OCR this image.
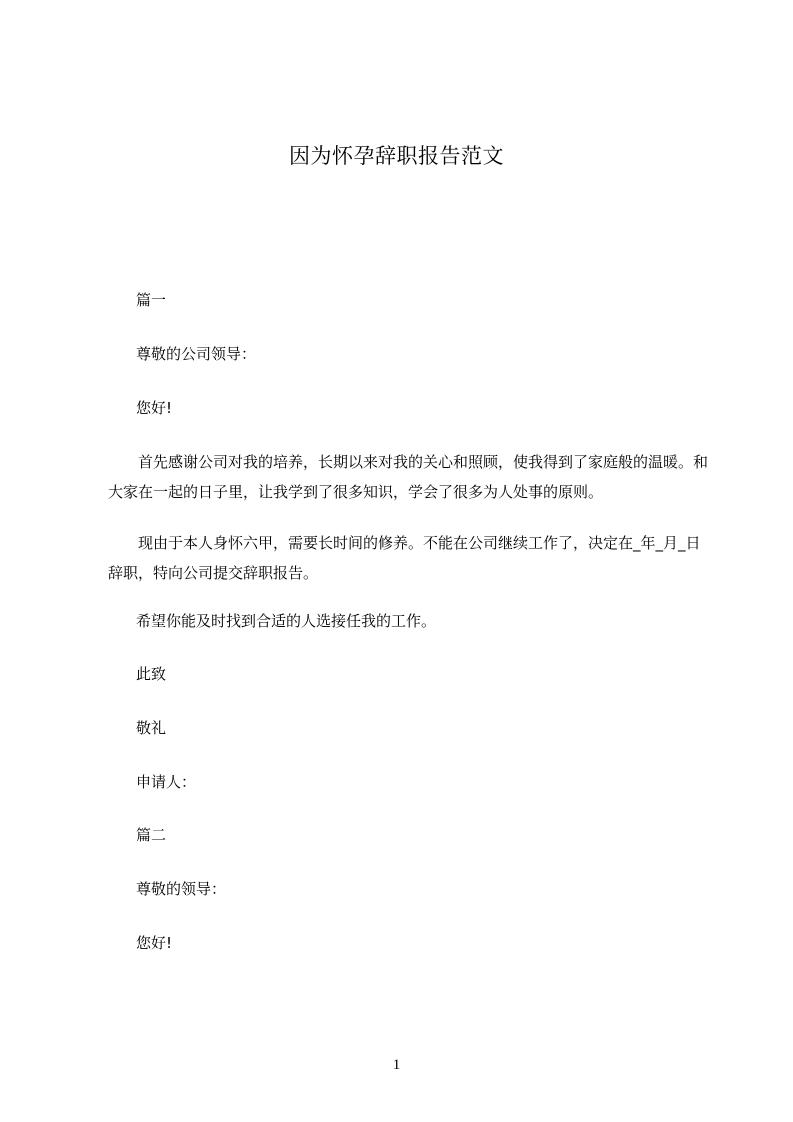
因为怀孕辞职报告范文

篇一

尊敬的公司领导：

您好!

首先感谢公司对我的培养，长期以来对我的关心和照顾，使我得到了家庭般的温暖。和大家在一起的日子里，让我学到了很多知识，学会了很多为人处事的原则。

现由于本人身怀六甲，需要长时间的修养。不能在公司继续工作了，决定在_年_月_日辞职，特向公司提交辞职报告。

希望你能及时找到合适的人选接任我的工作。

此致

敬礼

申请人：

篇二

尊敬的领导：

您好!

1
